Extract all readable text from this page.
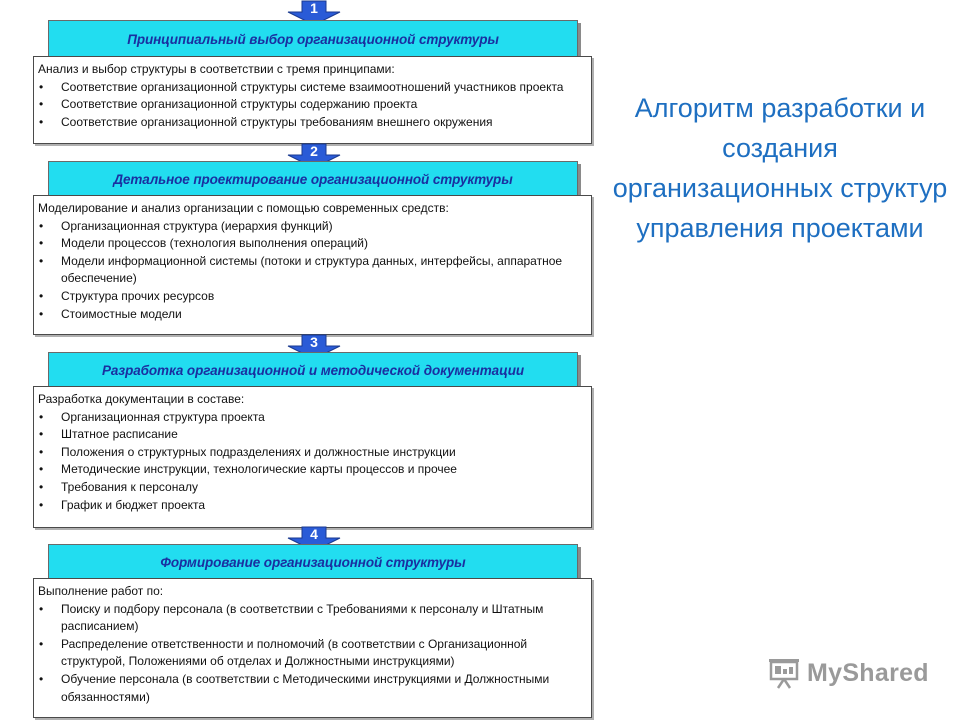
1
Принципиальный выбор организационной структуры
Анализ и выбор структуры в соответствии с тремя принципами:
• Соответствие организационной структуры системе взаимоотношений участников проекта
• Соответствие организационной структуры содержанию проекта
• Соответствие организационной структуры требованиям внешнего окружения
2
Детальное проектирование организационной структуры
Моделирование и анализ организации с помощью современных средств:
• Организационная структура (иерархия функций)
• Модели процессов (технология выполнения операций)
• Модели информационной системы (потоки и структура данных, интерфейсы, аппаратное обеспечение)
• Структура прочих ресурсов
• Стоимостные модели
3
Разработка организационной и методической документации
Разработка документации в составе:
• Организационная структура проекта
• Штатное расписание
• Положения о структурных подразделениях и должностные инструкции
• Методические инструкции, технологические карты процессов и прочее
• Требования к персоналу
• График и бюджет проекта
4
Формирование организационной структуры
Выполнение работ по:
• Поиску и подбору персонала (в соответствии с Требованиями к персоналу и Штатным расписанием)
• Распределение ответственности и полномочий (в соответствии с Организационной структурой, Положениями об отделах и Должностными инструкциями)
• Обучение персонала (в соответствии с Методическими инструкциями и Должностными обязанностями)
Алгоритм разработки и создания организационных структур управления проектами
MyShared
